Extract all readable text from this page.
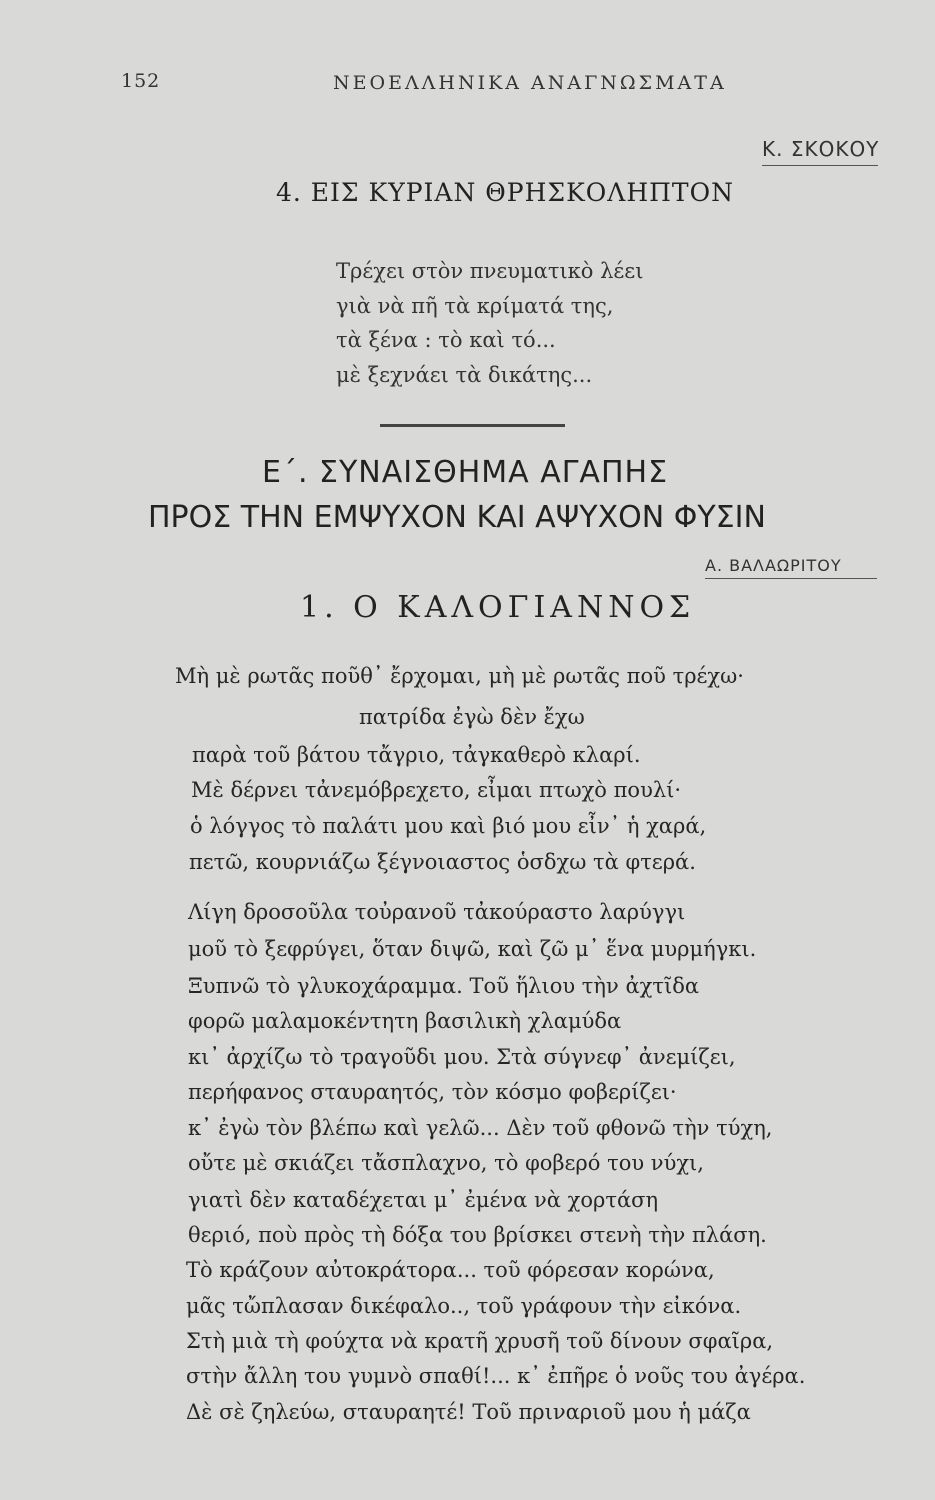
152	ΝΕΟΕΛΛΗΝΙΚΑ ΑΝΑΓΝΩΣΜΑΤΑ
Κ. ΣΚΟΚΟΥ
4. ΕΙΣ ΚΥΡΙΑΝ ΘΡΗΣΚΟΛΗΠΤΟΝ
Τρέχει στὸν πνευματικὸ λέει
γιὰ νὰ πῆ τὰ κρίματά της,
τὰ ξένα : τὸ καὶ τό...
μὲ ξεχνάει τὰ δικάτης...
Ε΄. ΣΥΝΑΙΣΘΗΜΑ ΑΓΑΠΗΣ
ΠΡΟΣ ΤΗΝ ΕΜΨΥΧΟΝ ΚΑΙ ΑΨΥΧΟΝ ΦΥΣΙΝ
Α. ΒΑΛΑΩΡΙΤΟΥ
1. Ο ΚΑΛΟΓΙΑΝΝΟΣ
Μὴ μὲ ρωτᾶς ποῦθ᾽ ἔρχομαι, μὴ μὲ ρωτᾶς ποῦ τρέχω·
πατρίδα ἐγὼ δὲν ἔχω
παρὰ τοῦ βάτου τἄγριο, τἀγκαθερὸ κλαρί.
Μὲ δέρνει τἀνεμόβρεχετο, εἶμαι πτωχὸ πουλί·
ὁ λόγγος τὸ παλάτι μου καὶ βιό μου εἶν᾽ ἡ χαρά,
πετῶ, κουρνιάζω ξέγνοιαστος ὁσδχω τὰ φτερά.
Λίγη δροσοῦλα τοὐρανοῦ τἀκούραστο λαρύγγι
μοῦ τὸ ξεφρύγει, ὅταν διψῶ, καὶ ζῶ μ᾽ ἕνα μυρμήγκι.
Ξυπνῶ τὸ γλυκοχάραμμα. Τοῦ ἥλιου τὴν ἀχτῖδα
φορῶ μαλαμοκέντητη βασιλικὴ χλαμύδα
κι᾽ ἀρχίζω τὸ τραγοῦδι μου. Στὰ σύγνεφ᾽ ἀνεμίζει,
περήφανος σταυραητός, τὸν κόσμο φοβερίζει·
κ᾽ ἐγὼ τὸν βλέπω καὶ γελῶ... Δὲν τοῦ φθονῶ τὴν τύχη,
οὔτε μὲ σκιάζει τἄσπλαχνο, τὸ φοβερό του νύχι,
γιατὶ δὲν καταδέχεται μ᾽ ἐμένα νὰ χορτάση
θεριό, ποὺ πρὸς τὴ δόξα του βρίσκει στενὴ τὴν πλάση.
Τὸ κράζουν αὐτοκράτορα... τοῦ φόρεσαν κορώνα,
μᾶς τὤπλασαν δικέφαλο.., τοῦ γράφουν τὴν εἰκόνα.
Στὴ μιὰ τὴ φούχτα νὰ κρατῆ χρυσῆ τοῦ δίνουν σφαῖρα,
στὴν ἄλλη του γυμνὸ σπαθί!... κ᾽ ἐπῆρε ὁ νοῦς του ἀγέρα.
Δὲ σὲ ζηλεύω, σταυραητέ! Τοῦ πριναριοῦ μου ἡ μάζα
